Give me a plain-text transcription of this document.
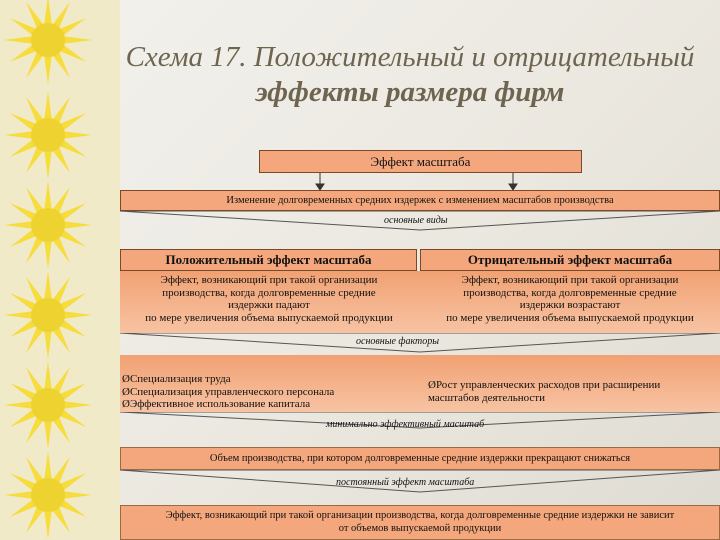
Схема 17. Положительный и отрицательный
эффекты размера фирм
Эффект масштаба
Изменение долговременных средних издержек с изменением масштабов производства
основные виды
Положительный эффект масштаба	Отрицательный эффект масштаба
Эффект, возникающий при такой организации
производства, когда долговременные средние
издержки падают
по мере увеличения объема выпускаемой продукции
Эффект, возникающий при такой организации
производства, когда долговременные средние
издержки возрастают
по мере увеличения объема выпускаемой продукции
основные факторы
ØСпециализация труда
ØСпециализация управленческого персонала
ØЭффективное использование капитала
ØРост управленческих расходов при расширении
масштабов деятельности
минимально эффективный масштаб
Объем производства, при котором долговременные средние издержки прекращают снижаться
постоянный эффект масштаба
Эффект, возникающий при такой организации производства, когда долговременные средние издержки не зависит
от объемов выпускаемой продукции
